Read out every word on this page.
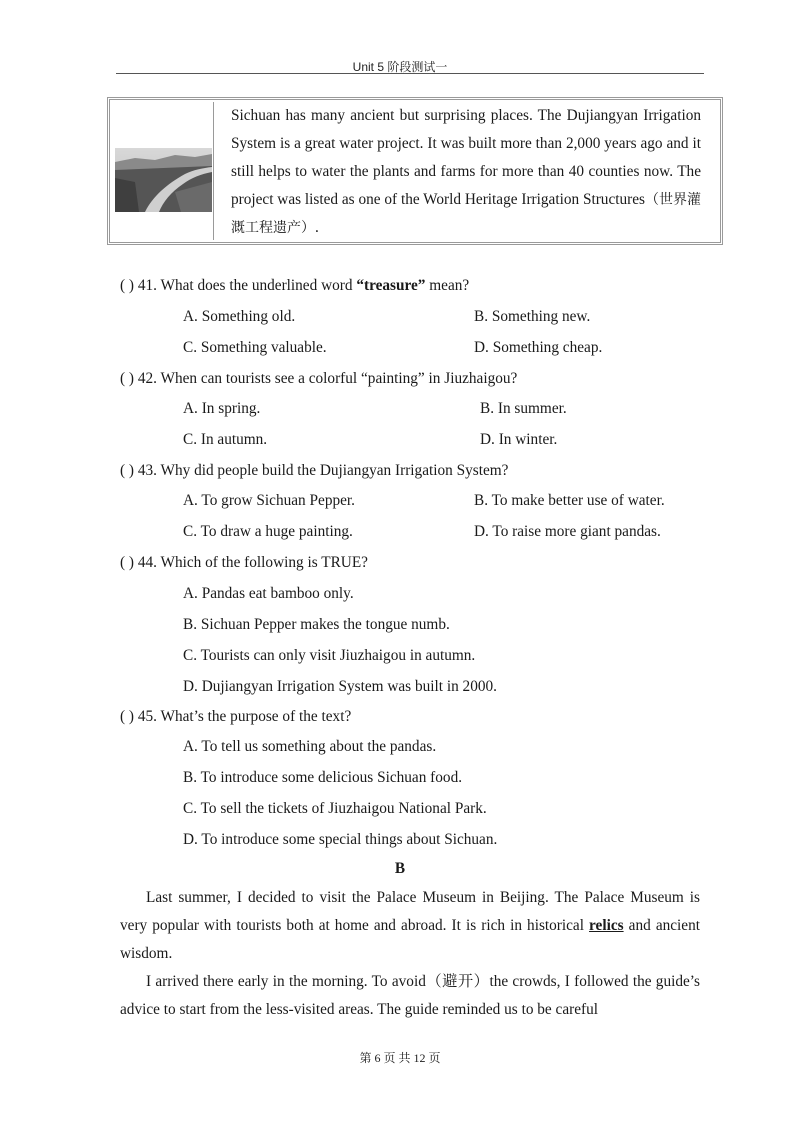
Unit 5 阶段测试一
Sichuan has many ancient but surprising places. The Dujiangyan Irrigation System is a great water project. It was built more than 2,000 years ago and it still helps to water the plants and farms for more than 40 counties now. The project was listed as one of the World Heritage Irrigation Structures（世界灌溉工程遗产）.
( ) 41. What does the underlined word “treasure” mean?
A. Something old.	B. Something new.
C. Something valuable.	D. Something cheap.
( ) 42. When can tourists see a colorful “painting” in Jiuzhaigou?
A. In spring.	B. In summer.
C. In autumn.	D. In winter.
( ) 43. Why did people build the Dujiangyan Irrigation System?
A. To grow Sichuan Pepper.	B. To make better use of water.
C. To draw a huge painting.	D. To raise more giant pandas.
( ) 44. Which of the following is TRUE?
A. Pandas eat bamboo only.
B. Sichuan Pepper makes the tongue numb.
C. Tourists can only visit Jiuzhaigou in autumn.
D. Dujiangyan Irrigation System was built in 2000.
( ) 45. What’s the purpose of the text?
A. To tell us something about the pandas.
B. To introduce some delicious Sichuan food.
C. To sell the tickets of Jiuzhaigou National Park.
D. To introduce some special things about Sichuan.
B
Last summer, I decided to visit the Palace Museum in Beijing. The Palace Museum is very popular with tourists both at home and abroad. It is rich in historical relics and ancient wisdom.
I arrived there early in the morning. To avoid（避开）the crowds, I followed the guide’s advice to start from the less-visited areas. The guide reminded us to be careful
第 6 页 共 12 页
